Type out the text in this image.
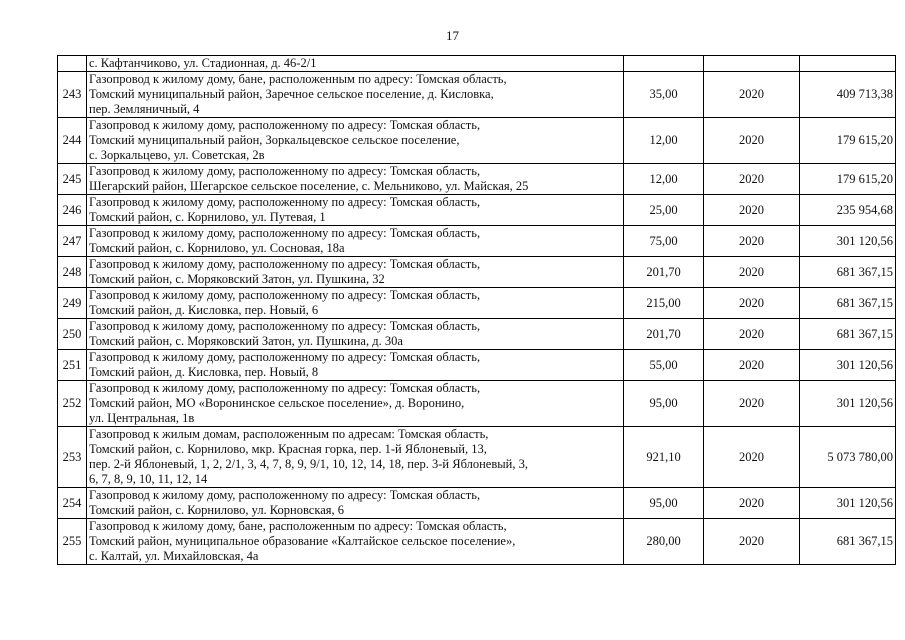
17
	с. Кафтанчиково, ул. Стадионная, д. 46-2/1			
243	Газопровод к жилому дому, бане, расположенным по адресу: Томская область,
Томский муниципальный район, Заречное сельское поселение, д. Кисловка,
пер. Земляничный, 4	35,00	2020	409 713,38
244	Газопровод к жилому дому, расположенному по адресу: Томская область,
Томский муниципальный район, Зоркальцевское сельское поселение,
с. Зоркальцево, ул. Советская, 2в	12,00	2020	179 615,20
245	Газопровод к жилому дому, расположенному по адресу: Томская область,
Шегарский район, Шегарское сельское поселение, с. Мельниково, ул. Майская, 25	12,00	2020	179 615,20
246	Газопровод к жилому дому, расположенному по адресу: Томская область,
Томский район, с. Корнилово, ул. Путевая, 1	25,00	2020	235 954,68
247	Газопровод к жилому дому, расположенному по адресу: Томская область,
Томский район, с. Корнилово, ул. Сосновая, 18а	75,00	2020	301 120,56
248	Газопровод к жилому дому, расположенному по адресу: Томская область,
Томский район, с. Моряковский Затон, ул. Пушкина, 32	201,70	2020	681 367,15
249	Газопровод к жилому дому, расположенному по адресу: Томская область,
Томский район, д. Кисловка, пер. Новый, 6	215,00	2020	681 367,15
250	Газопровод к жилому дому, расположенному по адресу: Томская область,
Томский район, с. Моряковский Затон, ул. Пушкина, д. 30а	201,70	2020	681 367,15
251	Газопровод к жилому дому, расположенному по адресу: Томская область,
Томский район, д. Кисловка, пер. Новый, 8	55,00	2020	301 120,56
252	Газопровод к жилому дому, расположенному по адресу: Томская область,
Томский район, МО «Воронинское сельское поселение», д. Воронино,
ул. Центральная, 1в	95,00	2020	301 120,56
253	Газопровод к жилым домам, расположенным по адресам: Томская область,
Томский район, с. Корнилово, мкр. Красная горка, пер. 1-й Яблоневый, 13,
пер. 2-й Яблоневый, 1, 2, 2/1, 3, 4, 7, 8, 9, 9/1, 10, 12, 14, 18, пер. 3-й Яблоневый, 3,
6, 7, 8, 9, 10, 11, 12, 14	921,10	2020	5 073 780,00
254	Газопровод к жилому дому, расположенному по адресу: Томская область,
Томский район, с. Корнилово, ул. Корновская, 6	95,00	2020	301 120,56
255	Газопровод к жилому дому, бане, расположенным по адресу: Томская область,
Томский район, муниципальное образование «Калтайское сельское поселение»,
с. Калтай, ул. Михайловская, 4а	280,00	2020	681 367,15
